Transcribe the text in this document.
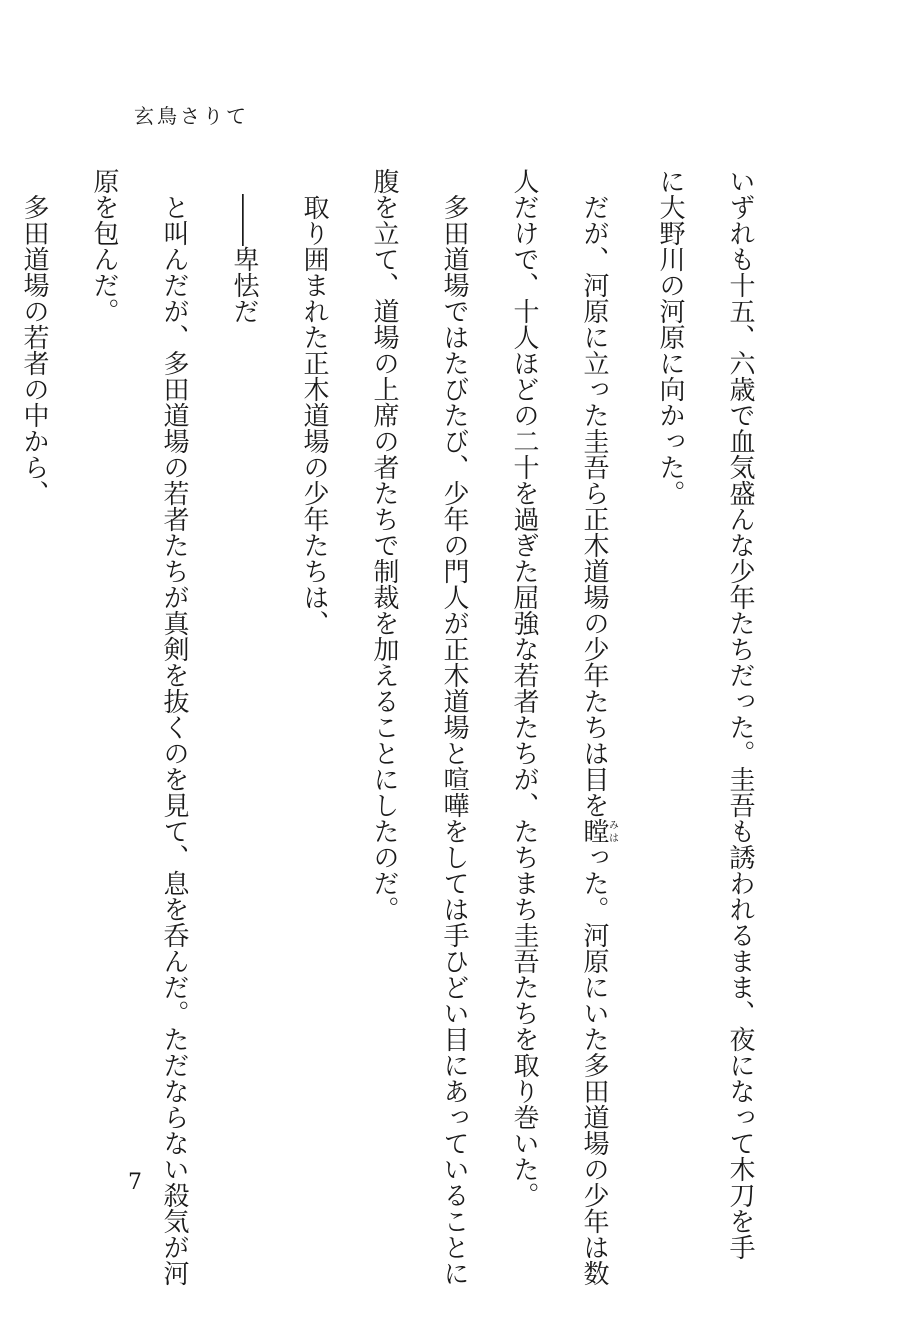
玄鳥さりて

いずれも十五、六歳で血気盛んな少年たちだった。圭吾も誘われるまま、夜になって木刀を手

に大野川の河原に向かった。

　だが、河原に立った圭吾ら正木道場の少年たちは目を瞠みはった。河原にいた多田道場の少年は数

人だけで、十人ほどの二十を過ぎた屈強な若者たちが、たちまち圭吾たちを取り巻いた。

　多田道場ではたびたび、少年の門人が正木道場と喧嘩をしては手ひどい目にあっていることに

腹を立て、道場の上席の者たちで制裁を加えることにしたのだ。

　取り囲まれた正木道場の少年たちは、

　――卑怯だ

　と叫んだが、多田道場の若者たちが真剣を抜くのを見て、息を呑んだ。ただならない殺気が河

原を包んだ。

　多田道場の若者の中から、

7
